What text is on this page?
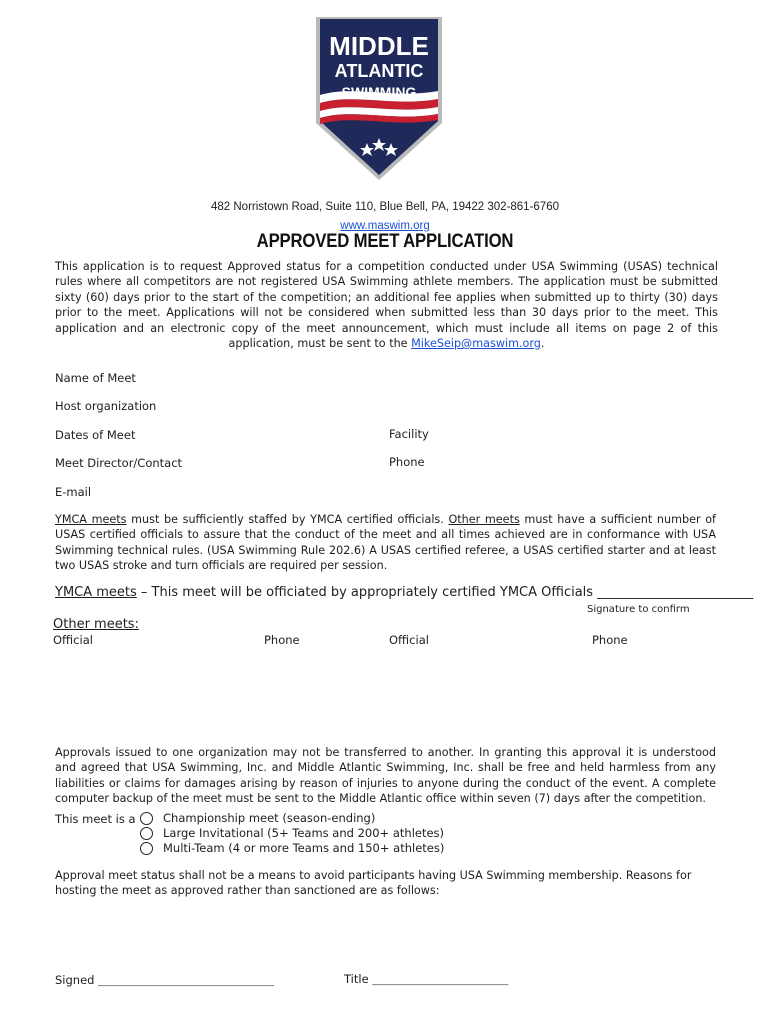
MIDDLE
ATLANTIC
SWIMMING
482 Norristown Road, Suite 110, Blue Bell, PA, 19422 302-861-6760
www.maswim.org
APPROVED MEET APPLICATION
This application is to request Approved status for a competition conducted under USA Swimming (USAS) technical rules where all competitors are not registered USA Swimming athlete members. The application must be submitted sixty (60) days prior to the start of the competition; an additional fee applies when submitted up to thirty (30) days prior to the meet. Applications will not be considered when submitted less than 30 days prior to the meet. This application and an electronic copy of the meet announcement, which must include all items on page 2 of this application, must be sent to the MikeSeip@maswim.org.
Name of Meet
Host organization
Dates of Meet	Facility
Meet Director/Contact	Phone
E-mail
YMCA meets must be sufficiently staffed by YMCA certified officials. Other meets must have a sufficient number of USAS certified officials to assure that the conduct of the meet and all times achieved are in conformance with USA Swimming technical rules. (USA Swimming Rule 202.6) A USAS certified referee, a USAS certified starter and at least two USAS stroke and turn officials are required per session.
YMCA meets – This meet will be officiated by appropriately certified YMCA Officials ________________________
Signature to confirm
Other meets:
Official	Phone	Official	Phone
Approvals issued to one organization may not be transferred to another. In granting this approval it is understood and agreed that USA Swimming, Inc. and Middle Atlantic Swimming, Inc. shall be free and held harmless from any liabilities or claims for damages arising by reason of injuries to anyone during the conduct of the event. A complete computer backup of the meet must be sent to the Middle Atlantic office within seven (7) days after the competition.
This meet is a Championship meet (season-ending)
Large Invitational (5+ Teams and 200+ athletes)
Multi-Team (4 or more Teams and 150+ athletes)
Approval meet status shall not be a means to avoid participants having USA Swimming membership. Reasons for hosting the meet as approved rather than sanctioned are as follows:
Signed ____________________________________________	Title __________________________________
